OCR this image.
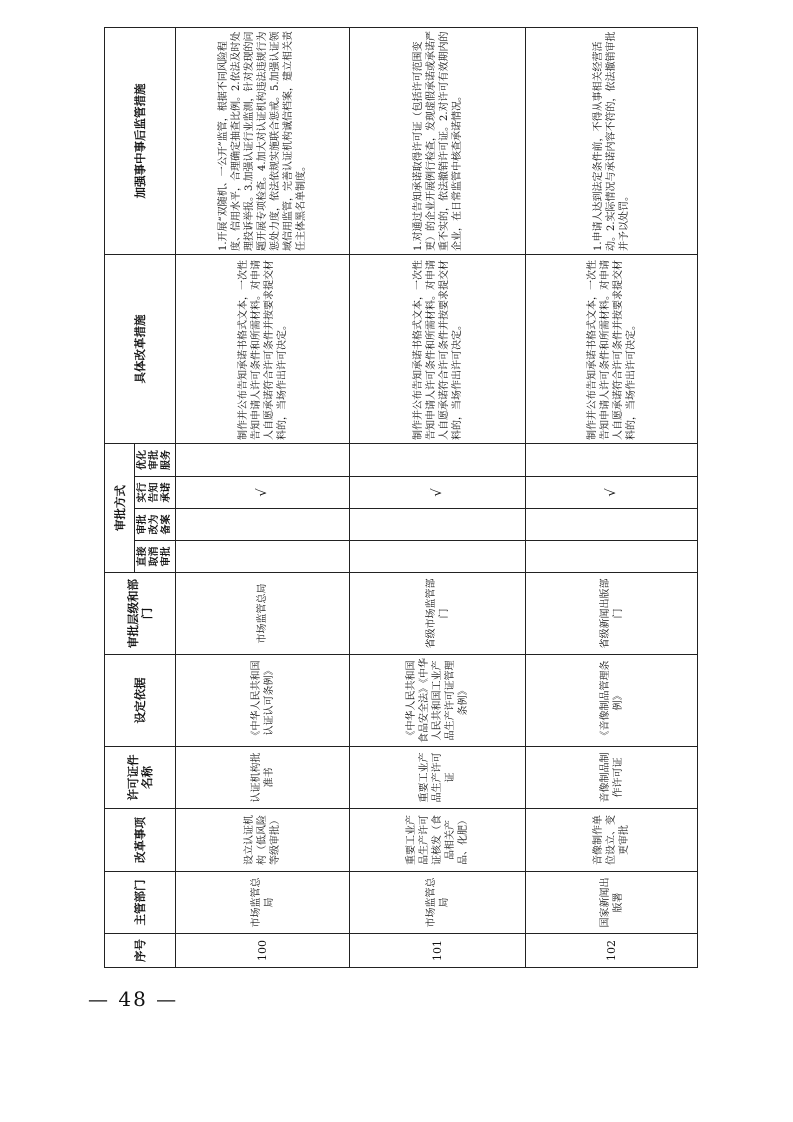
— 48 —
序号	主管部门	改革事项	许可证件名称	设定依据	审批层级和部门	审批方式				具体改革措施	加强事中事后监管措施
						直接取消审批	审批改为备案	实行告知承诺	优化审批服务		
100	市场监管总局	设立认证机构（低风险等级审批）	认证机构批准书	《中华人民共和国认证认可条例》	市场监管总局			√		制作并公布告知承诺书格式文本，一次性告知申请人许可条件和所需材料。对申请人自愿承诺符合许可条件并按要求提交材料的，当场作出许可决定。	1.开展“双随机、一公开”监管，根据不同风险程度、信用水平，合理确定抽查比例。2.依法及时处理投诉举报。3.加强认证行业监测，针对发现的问题开展专项检查。4.加大对认证机构违法违规行为惩处力度，依法依规实施联合惩戒。5.加强认证领域信用监管，完善认证机构诚信档案，建立相关责任主体黑名单制度。
101	市场监管总局	重要工业产品生产许可证核发（食品相关产品、化肥）	重要工业产品生产许可证	《中华人民共和国食品安全法》《中华人民共和国工业产品生产许可证管理条例》	省级市场监管部门			√		制作并公布告知承诺书格式文本，一次性告知申请人许可条件和所需材料。对申请人自愿承诺符合许可条件并按要求提交材料的，当场作出许可决定。	1.对通过告知承诺取得许可证（包括许可范围变更）的企业开展例行检查，发现虚假承诺或承诺严重不实的，依法撤销许可证。2.对许可有效期内的企业，在日常监管中核查承诺情况。
102	国家新闻出版署	音像制作单位设立、变更审批	音像制品制作许可证	《音像制品管理条例》	省级新闻出版部门			√		制作并公布告知承诺书格式文本，一次性告知申请人许可条件和所需材料。对申请人自愿承诺符合许可条件并按要求提交材料的，当场作出许可决定。	1.申请人达到法定条件前，不得从事相关经营活动。2.实际情况与承诺内容不符的，依法撤销审批并予以处罚。
